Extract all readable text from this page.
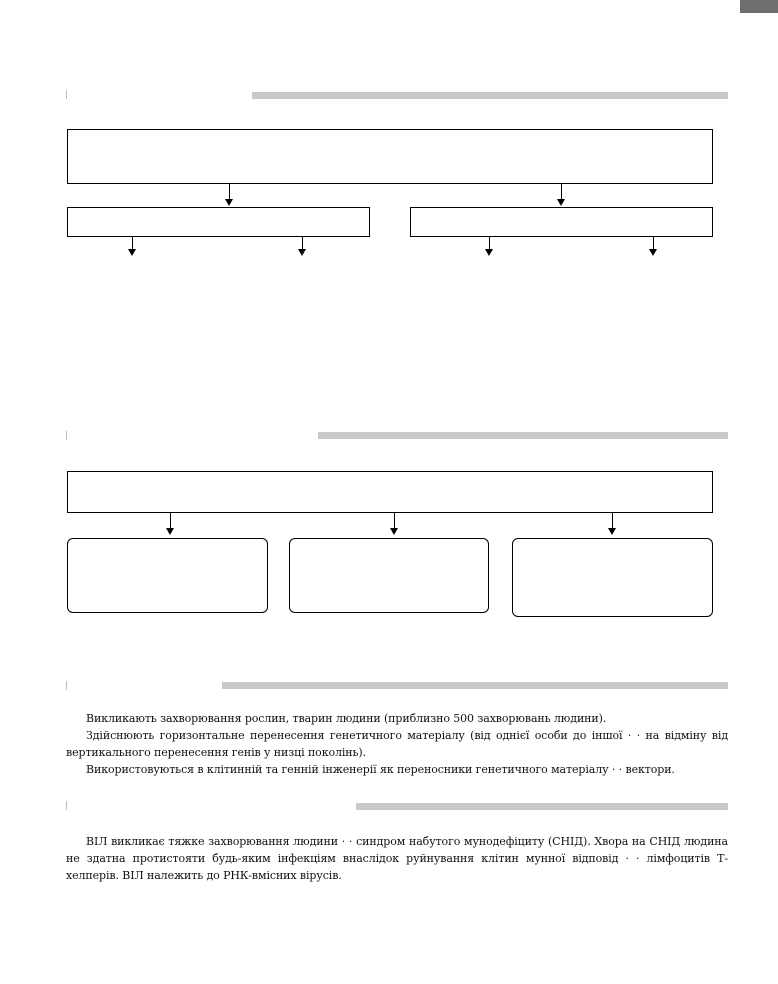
Викликають захворювання рослин, тварин людини (приблизно 500 захворювань людини).

Здійснюють горизонтальне перенесення генетичного матеріалу (від однієї особи до іншої · · на відміну від вертикального перенесення генів у низці поколінь).

Використовуються в клітинній та генній інженерії як переносники генетичного матеріалу · · вектори.

ВІЛ викликає тяжке захворювання людини · · синдром набутого мунодефіциту (СНІД). Хвора на СНІД людина не здатна протистояти будь-яким інфекціям внаслідок руйнування клітин мунної відповід · · лімфоцитів Т-хелперів. ВІЛ належить до РНК-вмісних вірусів.
